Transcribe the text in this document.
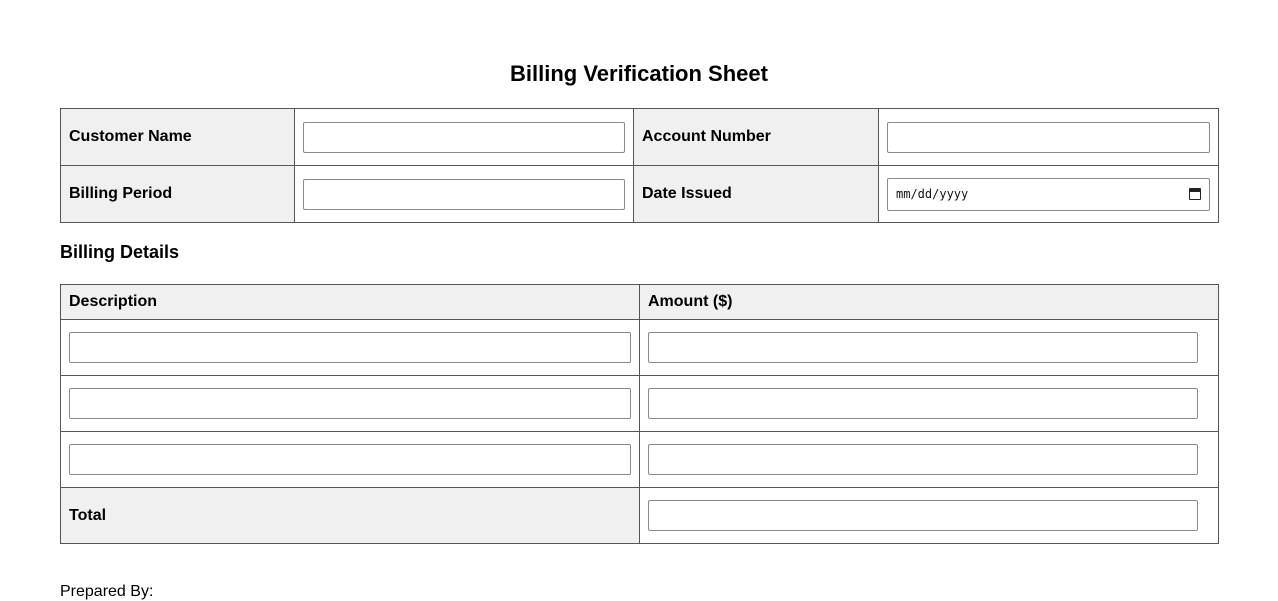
Billing Verification Sheet
Customer Name		Account Number	

Billing Period		Date Issued	mm/dd/yyyy
Billing Details
Description	Amount ($)

Total	
Prepared By:
